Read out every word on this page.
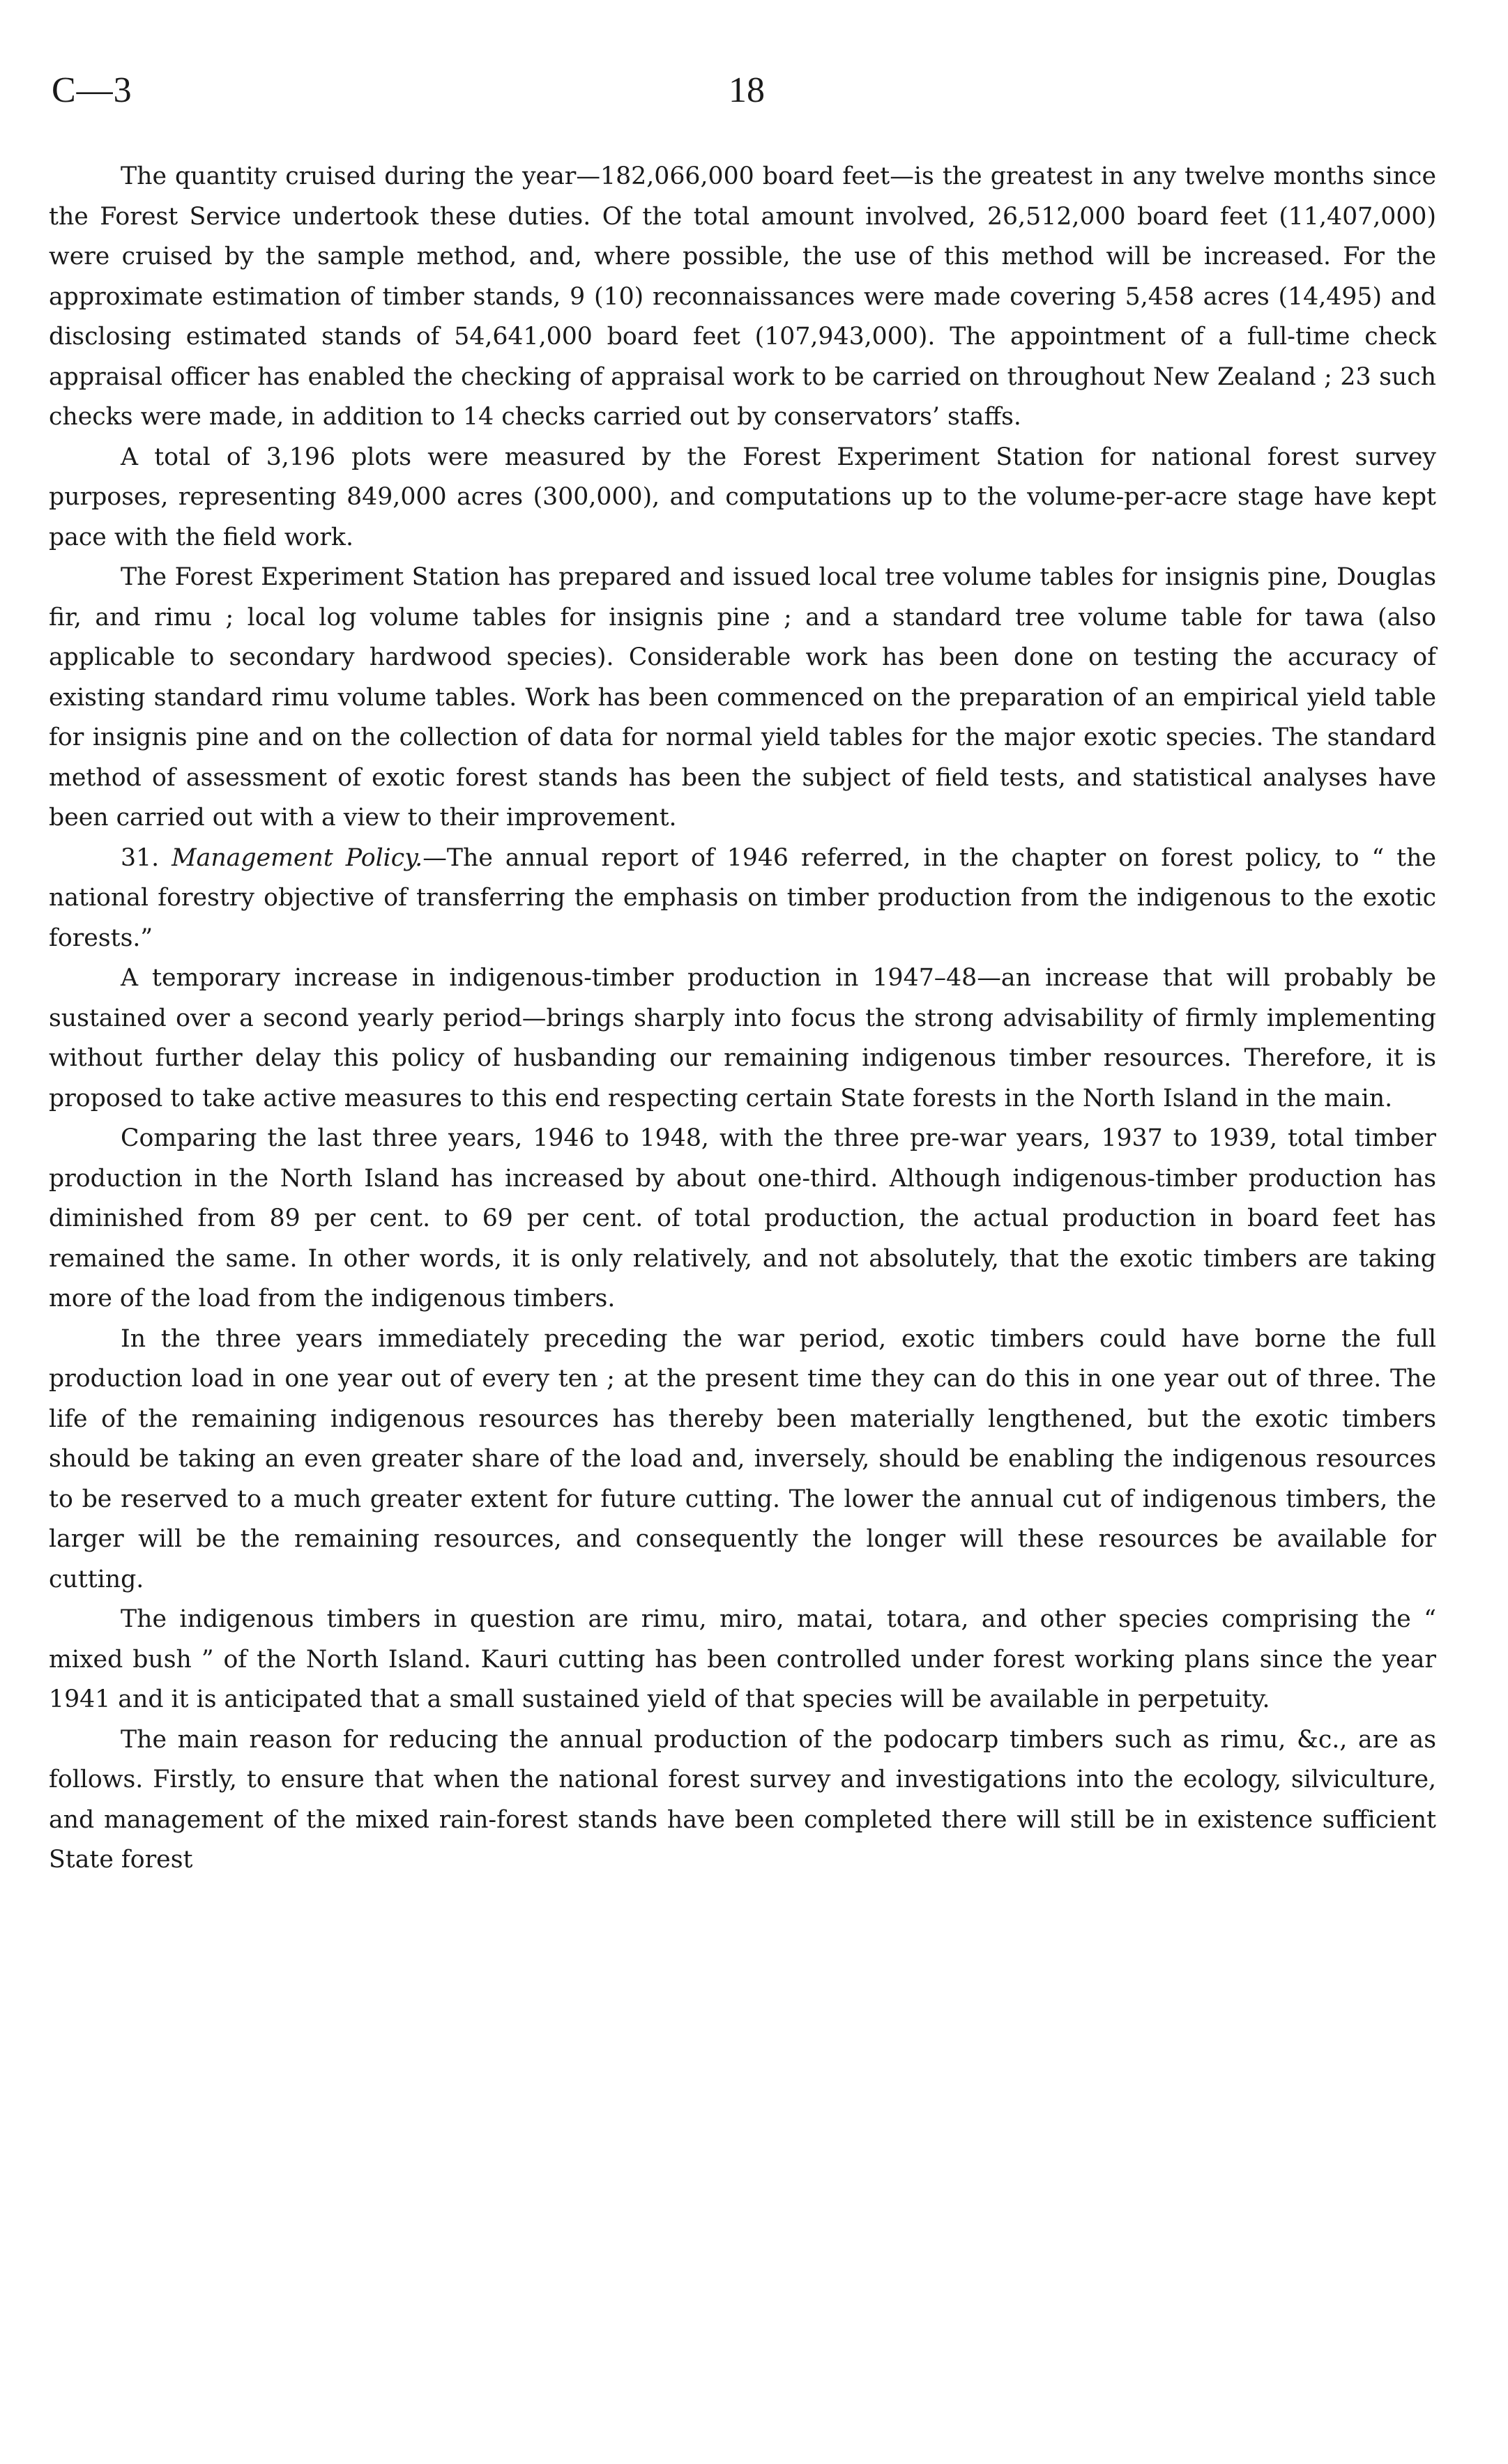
C—3	18

The quantity cruised during the year—182,066,000 board feet—is the greatest in any twelve months since the Forest Service undertook these duties. Of the total amount involved, 26,512,000 board feet (11,407,000) were cruised by the sample method, and, where possible, the use of this method will be increased. For the approximate estimation of timber stands, 9 (10) reconnaissances were made covering 5,458 acres (14,495) and disclosing estimated stands of 54,641,000 board feet (107,943,000). The appointment of a full-time check appraisal officer has enabled the checking of appraisal work to be carried on throughout New Zealand ; 23 such checks were made, in addition to 14 checks carried out by conservators’ staffs.

A total of 3,196 plots were measured by the Forest Experiment Station for national forest survey purposes, representing 849,000 acres (300,000), and computations up to the volume-per-acre stage have kept pace with the field work.

The Forest Experiment Station has prepared and issued local tree volume tables for insignis pine, Douglas fir, and rimu ; local log volume tables for insignis pine ; and a standard tree volume table for tawa (also applicable to secondary hardwood species). Considerable work has been done on testing the accuracy of existing standard rimu volume tables. Work has been commenced on the preparation of an empirical yield table for insignis pine and on the collection of data for normal yield tables for the major exotic species. The standard method of assessment of exotic forest stands has been the subject of field tests, and statistical analyses have been carried out with a view to their improvement.

31. Management Policy.—The annual report of 1946 referred, in the chapter on forest policy, to “ the national forestry objective of transferring the emphasis on timber production from the indigenous to the exotic forests.”

A temporary increase in indigenous-timber production in 1947–48—an increase that will probably be sustained over a second yearly period—brings sharply into focus the strong advisability of firmly implementing without further delay this policy of husbanding our remaining indigenous timber resources. Therefore, it is proposed to take active measures to this end respecting certain State forests in the North Island in the main.

Comparing the last three years, 1946 to 1948, with the three pre-war years, 1937 to 1939, total timber production in the North Island has increased by about one-third. Although indigenous-timber production has diminished from 89 per cent. to 69 per cent. of total production, the actual production in board feet has remained the same. In other words, it is only relatively, and not absolutely, that the exotic timbers are taking more of the load from the indigenous timbers.

In the three years immediately preceding the war period, exotic timbers could have borne the full production load in one year out of every ten ; at the present time they can do this in one year out of three. The life of the remaining indigenous resources has thereby been materially lengthened, but the exotic timbers should be taking an even greater share of the load and, inversely, should be enabling the indigenous resources to be reserved to a much greater extent for future cutting. The lower the annual cut of indigenous timbers, the larger will be the remaining resources, and consequently the longer will these resources be available for cutting.

The indigenous timbers in question are rimu, miro, matai, totara, and other species comprising the “ mixed bush ” of the North Island. Kauri cutting has been controlled under forest working plans since the year 1941 and it is anticipated that a small sustained yield of that species will be available in perpetuity.

The main reason for reducing the annual production of the podocarp timbers such as rimu, &c., are as follows. Firstly, to ensure that when the national forest survey and investigations into the ecology, silviculture, and management of the mixed rain-forest stands have been completed there will still be in existence sufficient State forest
